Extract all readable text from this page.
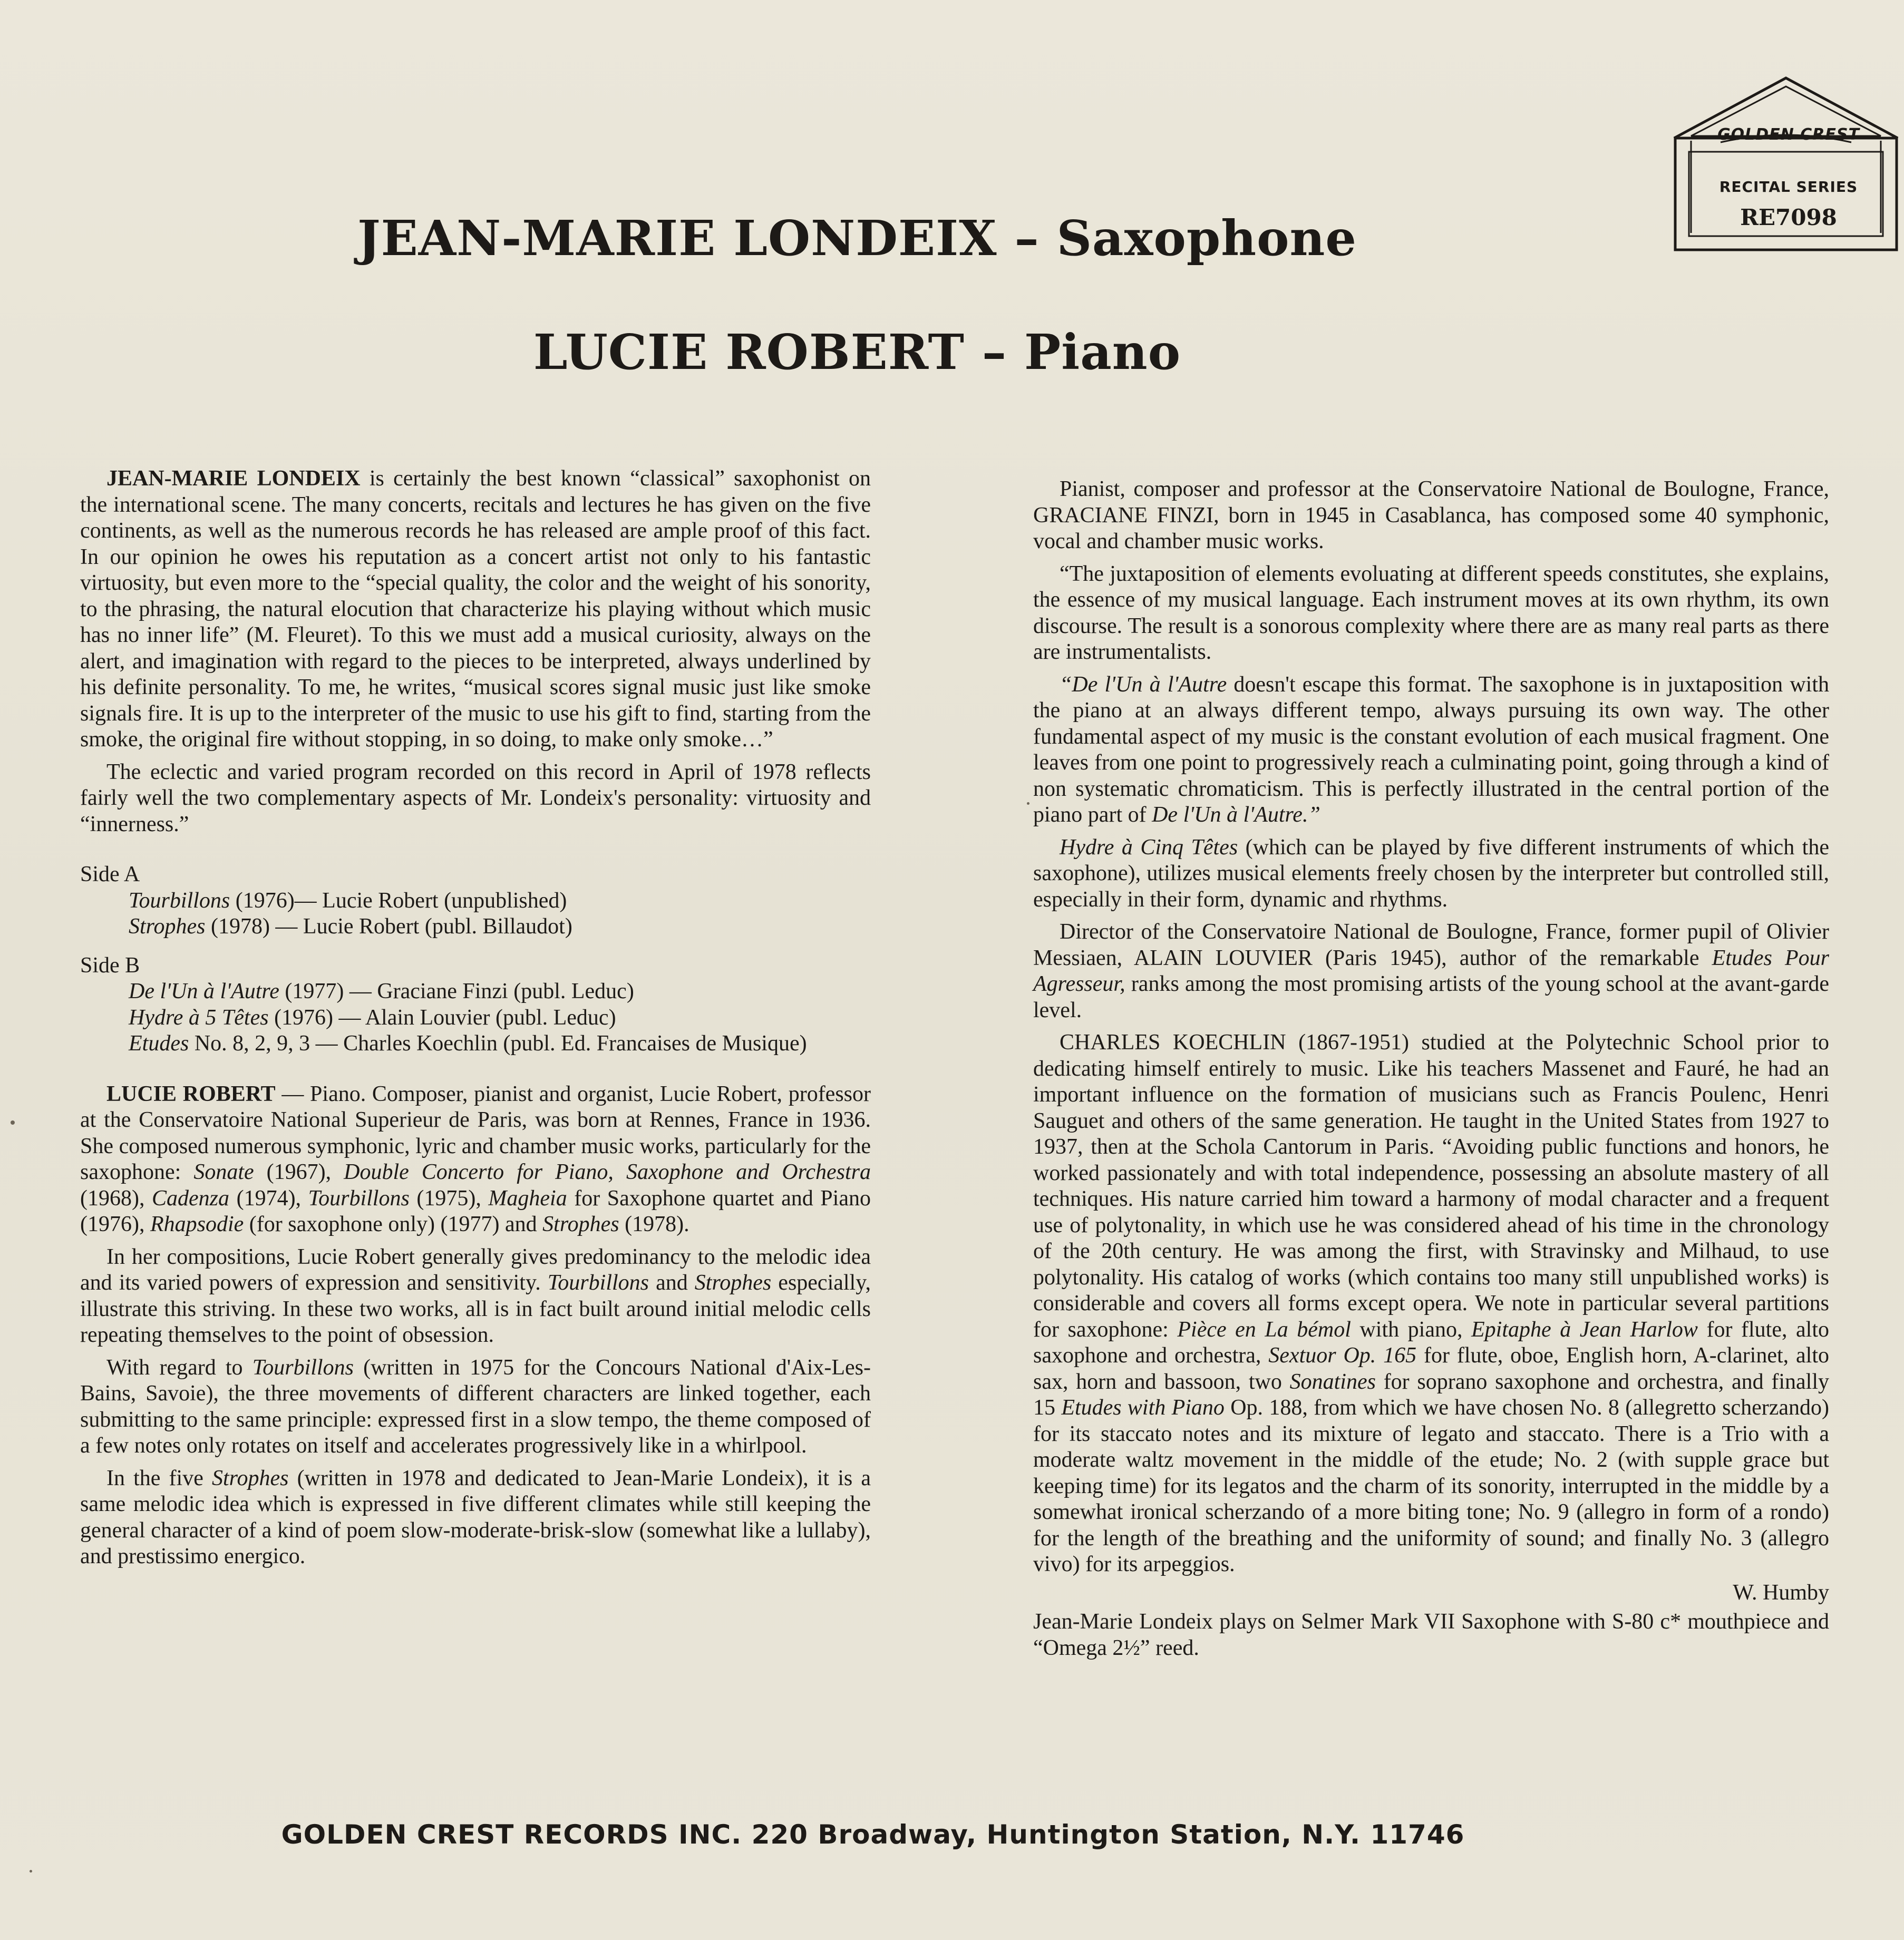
GOLDEN CREST
RECITAL SERIES
RE7098
JEAN-MARIE LONDEIX – Saxophone
LUCIE ROBERT – Piano

JEAN-MARIE LONDEIX is certainly the best known “classical” saxophonist on the international scene. The many concerts, recitals and lectures he has given on the five continents, as well as the numerous records he has released are ample proof of this fact. In our opinion he owes his reputation as a concert artist not only to his fantastic virtuosity, but even more to the “special quality, the color and the weight of his sonority, to the phrasing, the natural elocution that characterize his playing without which music has no inner life” (M. Fleuret). To this we must add a musical curiosity, always on the alert, and imagination with regard to the pieces to be interpreted, always underlined by his definite personality. To me, he writes, “musical scores signal music just like smoke signals fire. It is up to the interpreter of the music to use his gift to find, starting from the smoke, the original fire without stopping, in so doing, to make only smoke…”

The eclectic and varied program recorded on this record in April of 1978 reflects fairly well the two complementary aspects of Mr. Londeix's personality: virtuosity and “innerness.”

Side A

Tourbillons (1976)— Lucie Robert (unpublished)

Strophes (1978) — Lucie Robert (publ. Billaudot)

Side B

De l'Un à l'Autre (1977) — Graciane Finzi (publ. Leduc)

Hydre à 5 Têtes (1976) — Alain Louvier (publ. Leduc)

Etudes No. 8, 2, 9, 3 — Charles Koechlin (publ. Ed. Francaises de Musique)

LUCIE ROBERT — Piano. Composer, pianist and organist, Lucie Robert, professor at the Conservatoire National Superieur de Paris, was born at Rennes, France in 1936. She composed numerous symphonic, lyric and chamber music works, particularly for the saxophone: Sonate (1967), Double Concerto for Piano, Saxophone and Orchestra (1968), Cadenza (1974), Tourbillons (1975), Magheia for Saxophone quartet and Piano (1976), Rhapsodie (for saxophone only) (1977) and Strophes (1978).

In her compositions, Lucie Robert generally gives predominancy to the melodic idea and its varied powers of expression and sensitivity. Tourbillons and Strophes especially, illustrate this striving. In these two works, all is in fact built around initial melodic cells repeating themselves to the point of obsession.

With regard to Tourbillons (written in 1975 for the Concours National d'Aix-Les-Bains, Savoie), the three movements of different characters are linked together, each submitting to the same principle: expressed first in a slow tempo, the theme composed of a few notes only rotates on itself and accelerates progressively like in a whirlpool.

In the five Strophes (written in 1978 and dedicated to Jean-Marie Londeix), it is a same melodic idea which is expressed in five different climates while still keeping the general character of a kind of poem slow-moderate-brisk-slow (somewhat like a lullaby), and prestissimo energico.

Pianist, composer and professor at the Conservatoire National de Boulogne, France, GRACIANE FINZI, born in 1945 in Casablanca, has composed some 40 symphonic, vocal and chamber music works.

“The juxtaposition of elements evoluating at different speeds constitutes, she explains, the essence of my musical language. Each instrument moves at its own rhythm, its own discourse. The result is a sonorous complexity where there are as many real parts as there are instrumentalists.

“De l'Un à l'Autre doesn't escape this format. The saxophone is in juxtaposition with the piano at an always different tempo, always pursuing its own way. The other fundamental aspect of my music is the constant evolution of each musical fragment. One leaves from one point to progressively reach a culminating point, going through a kind of non systematic chromaticism. This is perfectly illustrated in the central portion of the piano part of De l'Un à l'Autre.”

Hydre à Cinq Têtes (which can be played by five different instruments of which the saxophone), utilizes musical elements freely chosen by the interpreter but controlled still, especially in their form, dynamic and rhythms.

Director of the Conservatoire National de Boulogne, France, former pupil of Olivier Messiaen, ALAIN LOUVIER (Paris 1945), author of the remarkable Etudes Pour Agresseur, ranks among the most promising artists of the young school at the avant-garde level.

CHARLES KOECHLIN (1867-1951) studied at the Polytechnic School prior to dedicating himself entirely to music. Like his teachers Massenet and Fauré, he had an important influence on the formation of musicians such as Francis Poulenc, Henri Sauguet and others of the same generation. He taught in the United States from 1927 to 1937, then at the Schola Cantorum in Paris. “Avoiding public functions and honors, he worked passionately and with total independence, possessing an absolute mastery of all techniques. His nature carried him toward a harmony of modal character and a frequent use of polytonality, in which use he was considered ahead of his time in the chronology of the 20th century. He was among the first, with Stravinsky and Milhaud, to use polytonality. His catalog of works (which contains too many still unpublished works) is considerable and covers all forms except opera. We note in particular several partitions for saxophone: Pièce en La bémol with piano, Epitaphe à Jean Harlow for flute, alto saxophone and orchestra, Sextuor Op. 165 for flute, oboe, English horn, A-clarinet, alto sax, horn and bassoon, two Sonatines for soprano saxophone and orchestra, and finally 15 Etudes with Piano Op. 188, from which we have chosen No. 8 (allegretto scherzando) for its staccato notes and its mixture of legato and staccato. There is a Trio with a moderate waltz movement in the middle of the etude; No. 2 (with supple grace but keeping time) for its legatos and the charm of its sonority, interrupted in the middle by a somewhat ironical scherzando of a more biting tone; No. 9 (allegro in form of a rondo) for the length of the breathing and the uniformity of sound; and finally No. 3 (allegro vivo) for its arpeggios.

W. Humby

Jean-Marie Londeix plays on Selmer Mark VII Saxophone with S-80 c* mouthpiece and “Omega 2½” reed.

GOLDEN CREST RECORDS INC. 220 Broadway, Huntington Station, N.Y. 11746
